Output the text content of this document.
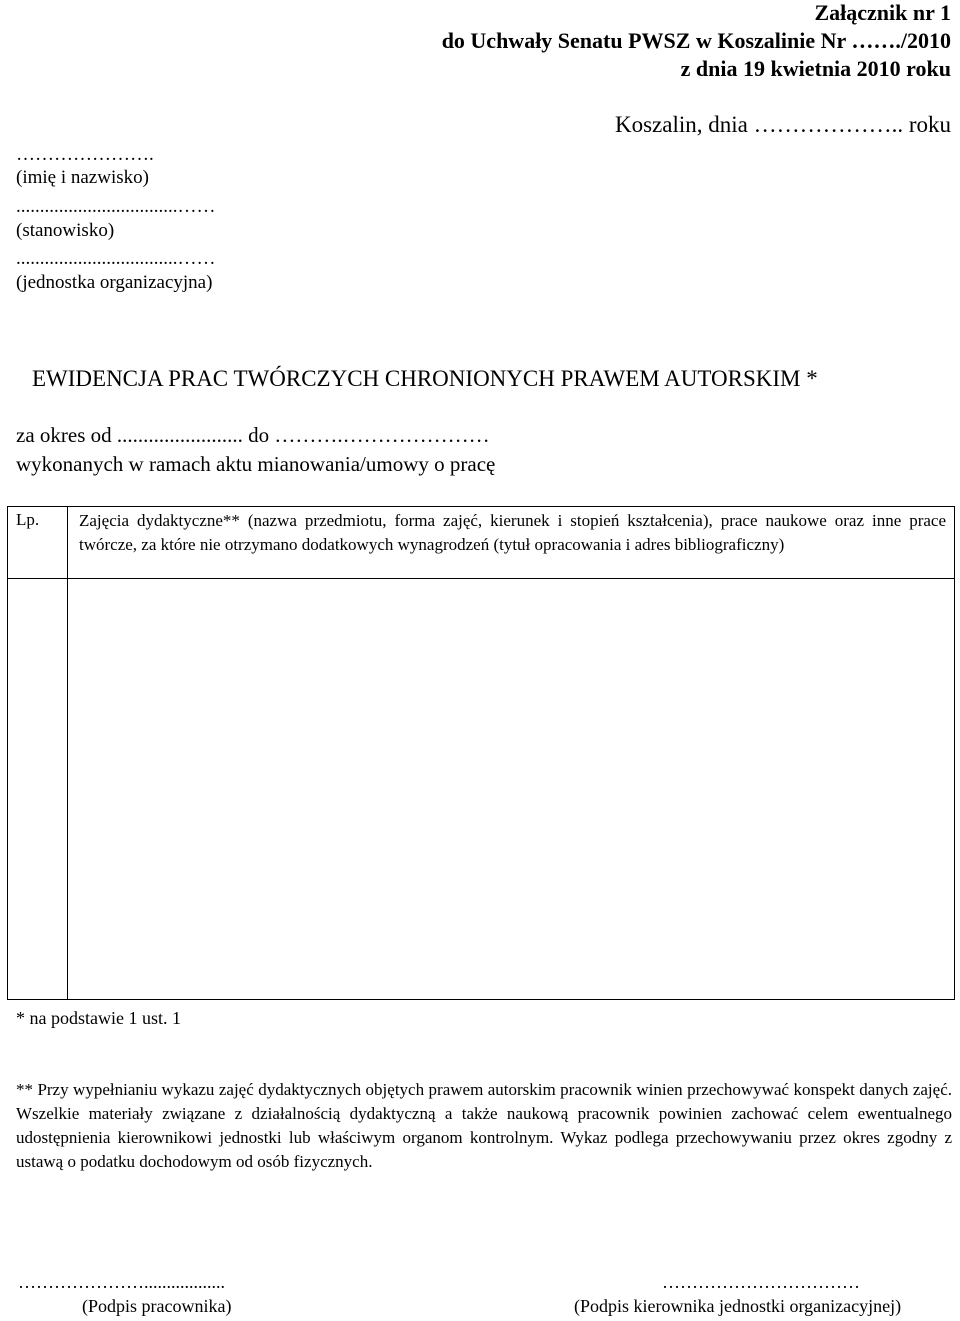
Załącznik nr 1
do Uchwały Senatu PWSZ w Koszalinie Nr ……./2010
z dnia 19 kwietnia 2010 roku
Koszalin, dnia ……………….. roku
………………….
(imię i nazwisko)
..................................……
(stanowisko)
..................................……
(jednostka organizacyjna)
EWIDENCJA PRAC TWÓRCZYCH CHRONIONYCH PRAWEM AUTORSKIM *
za okres od ........................ do ……….…………………
wykonanych w ramach aktu mianowania/umowy o pracę
Lp.	Zajęcia dydaktyczne** (nazwa przedmiotu, forma zajęć, kierunek i stopień kształcenia), prace naukowe oraz inne prace twórcze, za które nie otrzymano dodatkowych wynagrodzeń (tytuł opracowania i adres bibliograficzny)

* na podstawie 1 ust. 1
** Przy wypełnianiu wykazu zajęć dydaktycznych objętych prawem autorskim pracownik winien przechowywać konspekt danych zajęć. Wszelkie materiały związane z działalnością dydaktyczną a także naukową pracownik powinien zachować celem ewentualnego udostępnienia kierownikowi jednostki lub właściwym organom kontrolnym. Wykaz podlega przechowywaniu przez okres zgodny z ustawą o podatku dochodowym od osób fizycznych.
…………………..................
(Podpis pracownika)
……………………………
(Podpis kierownika jednostki organizacyjnej)
